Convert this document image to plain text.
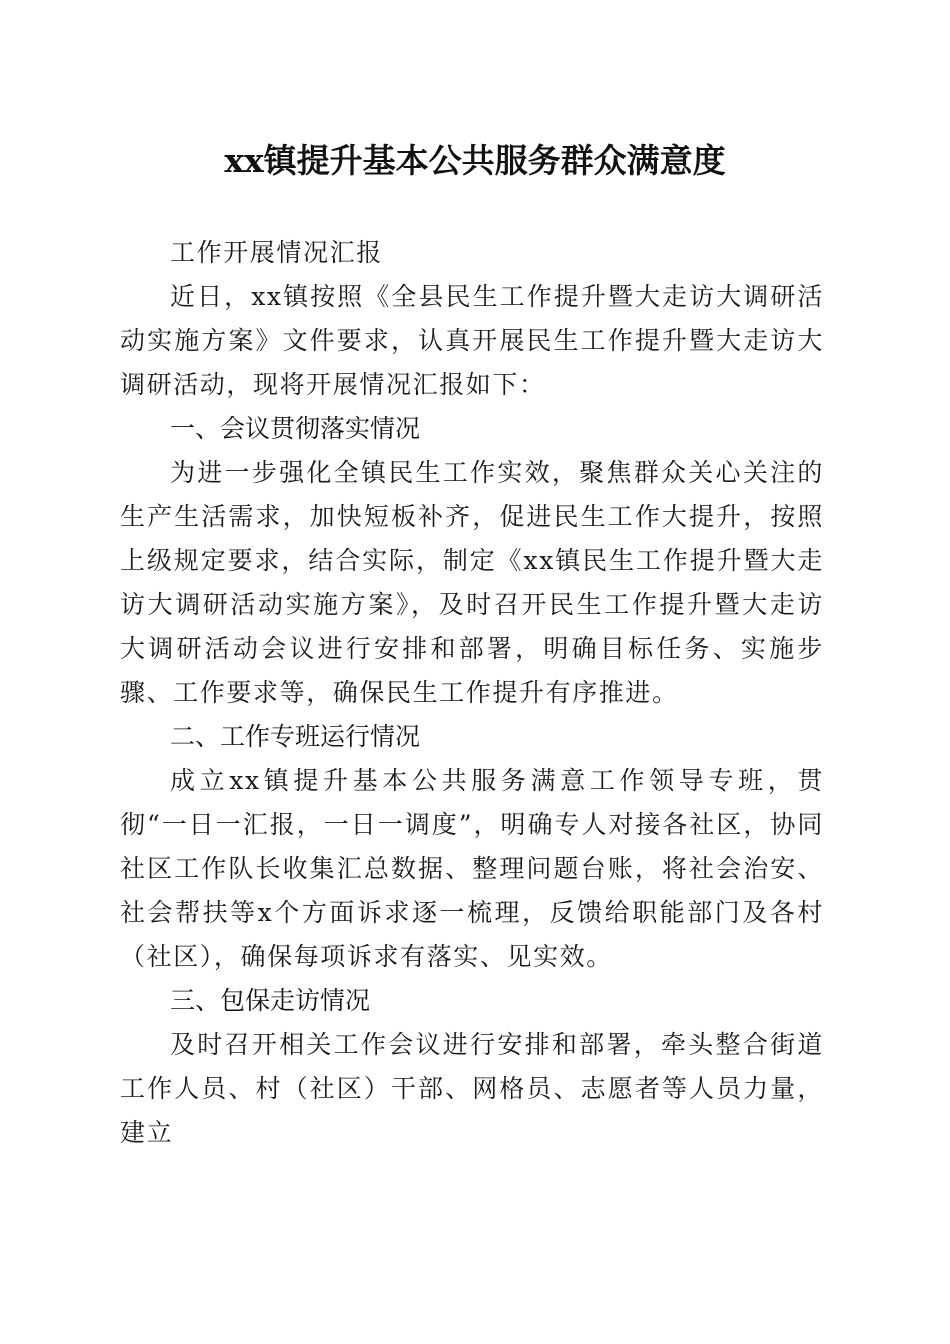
xx镇提升基本公共服务群众满意度

工作开展情况汇报

近日，xx镇按照《全县民生工作提升暨大走访大调研活动实施方案》文件要求，认真开展民生工作提升暨大走访大调研活动，现将开展情况汇报如下：

一、会议贯彻落实情况

为进一步强化全镇民生工作实效，聚焦群众关心关注的生产生活需求，加快短板补齐，促进民生工作大提升，按照上级规定要求，结合实际，制定《xx镇民生工作提升暨大走访大调研活动实施方案》，及时召开民生工作提升暨大走访大调研活动会议进行安排和部署，明确目标任务、实施步骤、工作要求等，确保民生工作提升有序推进。

二、工作专班运行情况

成立xx镇提升基本公共服务满意工作领导专班，贯彻“一日一汇报，一日一调度”，明确专人对接各社区，协同社区工作队长收集汇总数据、整理问题台账，将社会治安、社会帮扶等x个方面诉求逐一梳理，反馈给职能部门及各村（社区），确保每项诉求有落实、见实效。

三、包保走访情况

及时召开相关工作会议进行安排和部署，牵头整合街道工作人员、村（社区）干部、网格员、志愿者等人员力量，建立
